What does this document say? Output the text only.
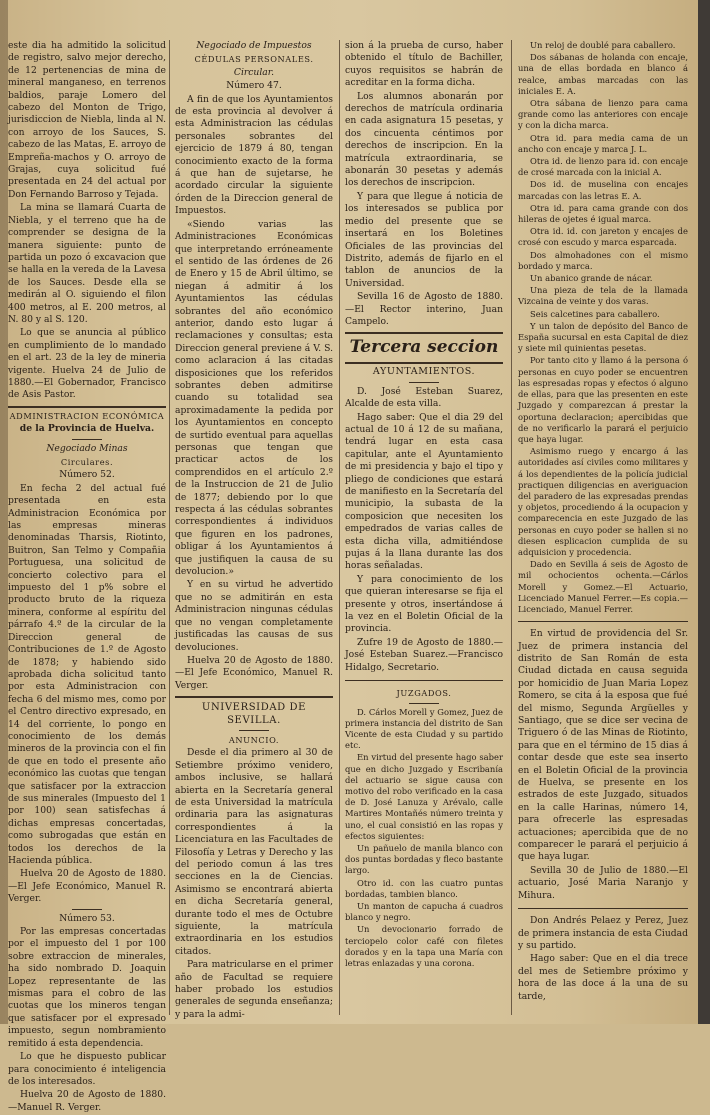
este dia ha admitido la solicitud de registro, salvo mejor derecho, de 12 pertenencias de mina de mineral manganeso, en terrenos baldios, paraje Lomero del cabezo del Monton de Trigo, jurisdiccion de Niebla, linda al N. con arroyo de los Sauces, S. cabezo de las Matas, E. arroyo de Empreña-machos y O. arroyo de Grajas, cuya solicitud fué presentada en 24 del actual por Don Fernando Barroso y Tejada.

La mina se llamará Cuarta de Niebla, y el terreno que ha de comprender se designa de la manera siguiente: punto de partida un pozo ó excavacion que se halla en la vereda de la Lavesa de los Sauces. Desde ella se medirán al O. siguiendo el filon 400 metros, al E. 200 metros, al N. 80 y al S. 120.

Lo que se anuncia al público en cumplimiento de lo mandado en el art. 23 de la ley de mineria vigente. Huelva 24 de Julio de 1880.—El Gobernador, Francisco de Asis Pastor.

ADMINISTRACION ECONÓMICA

de la Provincia de Huelva.

Negociado Minas

Circulares.

Número 52.

En fecha 2 del actual fué presentada en esta Administracion Económica por las empresas mineras denominadas Tharsis, Riotinto, Buitron, San Telmo y Compañia Portuguesa, una solicitud de concierto colectivo para el impuesto del 1 p% sobre el producto bruto de la riqueza minera, conforme al espíritu del párrafo 4.º de la circular de la Direccion general de Contribuciones de 1.º de Agosto de 1878; y habiendo sido aprobada dicha solicitud tanto por esta Administracion con fecha 6 del mismo mes, como por el Centro directivo expresado, en 14 del corriente, lo pongo en conocimiento de los demás mineros de la provincia con el fin de que en todo el presente año económico las cuotas que tengan que satisfacer por la extraccion de sus minerales (Impuesto del 1 por 100) sean satisfechas á dichas empresas concertadas, como subrogadas que están en todos los derechos de la Hacienda pública.

Huelva 20 de Agosto de 1880.—El Jefe Económico, Manuel R. Verger.

Número 53.

Por las empresas concertadas por el impuesto del 1 por 100 sobre extraccion de minerales, ha sido nombrado D. Joaquin Lopez representante de las mismas para el cobro de las cuotas que los mineros tengan que satisfacer por el expresado impuesto, segun nombramiento remitido á esta dependencia.

Lo que he dispuesto publicar para conocimiento é inteligencia de los interesados.

Huelva 20 de Agosto de 1880.—Manuel R. Verger.

Negociado de Impuestos

CÉDULAS PERSONALES.

Circular.

Número 47.

A fin de que los Ayuntamientos de esta provincia al devolver á esta Administracion las cédulas personales sobrantes del ejercicio de 1879 á 80, tengan conocimiento exacto de la forma á que han de sujetarse, he acordado circular la siguiente órden de la Direccion general de Impuestos.

«Siendo varias las Administraciones Económicas que interpretando erróneamente el sentido de las órdenes de 26 de Enero y 15 de Abril último, se niegan á admitir á los Ayuntamientos las cédulas sobrantes del año económico anterior, dando esto lugar á reclamaciones y consultas; esta Direccion general previene á V. S. como aclaracion á las citadas disposiciones que los referidos sobrantes deben admitirse cuando su totalidad sea aproximadamente la pedida por los Ayuntamientos en concepto de surtido eventual para aquellas personas que tengan que practicar actos de los comprendidos en el artículo 2.º de la Instruccion de 21 de Julio de 1877; debiendo por lo que respecta á las cédulas sobrantes correspondientes á individuos que figuren en los padrones, obligar á los Ayuntamientos á que justifiquen la causa de su devolucion.»

Y en su virtud he advertido que no se admitirán en esta Administracion ningunas cédulas que no vengan completamente justificadas las causas de sus devoluciones.

Huelva 20 de Agosto de 1880.—El Jefe Económico, Manuel R. Verger.

UNIVERSIDAD DE SEVILLA.

ANUNCIO.

Desde el dia primero al 30 de Setiembre próximo venidero, ambos inclusive, se hallará abierta en la Secretaría general de esta Universidad la matrícula ordinaria para las asignaturas correspondientes á la Licenciatura en las Facultades de Filosofía y Letras y Derecho y las del periodo comun á las tres secciones en la de Ciencias. Asimismo se encontrará abierta en dicha Secretaría general, durante todo el mes de Octubre siguiente, la matrícula extraordinaria en los estudios citados.

Para matricularse en el primer año de Facultad se requiere haber probado los estudios generales de segunda enseñanza; y para la admi-

sion á la prueba de curso, haber obtenido el título de Bachiller, cuyos requisitos se habrán de acreditar en la forma dicha.

Los alumnos abonarán por derechos de matrícula ordinaria en cada asignatura 15 pesetas, y dos cincuenta céntimos por derechos de inscripcion. En la matrícula extraordinaria, se abonarán 30 pesetas y además los derechos de inscripcion.

Y para que llegue á noticia de los interesados se publica por medio del presente que se insertará en los Boletines Oficiales de las provincias del Distrito, además de fijarlo en el tablon de anuncios de la Universidad.

Sevilla 16 de Agosto de 1880.—El Rector interino, Juan Campelo.

Tercera seccion

AYUNTAMIENTOS.

D. José Esteban Suarez, Alcalde de esta villa.

Hago saber: Que el dia 29 del actual de 10 á 12 de su mañana, tendrá lugar en esta casa capitular, ante el Ayuntamiento de mi presidencia y bajo el tipo y pliego de condiciones que estará de manifiesto en la Secretaría del municipio, la subasta de la composicion que necesiten los empedrados de varias calles de esta dicha villa, admitiéndose pujas á la llana durante las dos horas señaladas.

Y para conocimiento de los que quieran interesarse se fija el presente y otros, insertándose á la vez en el Boletin Oficial de la provincia.

Zufre 19 de Agosto de 1880.—José Esteban Suarez.—Francisco Hidalgo, Secretario.

JUZGADOS.

D. Cárlos Morell y Gomez, Juez de primera instancia del distrito de San Vicente de esta Ciudad y su partido etc.

En virtud del presente hago saber que en dicho Juzgado y Escribanía del actuario se sigue causa con motivo del robo verificado en la casa de D. José Lanuza y Arévalo, calle Martires Montañés número treinta y uno, el cual consistió en las ropas y efectos siguientes:

Un pañuelo de manila blanco con dos puntas bordadas y fleco bastante largo.

Otro id. con las cuatro puntas bordadas, tambien blanco.

Un manton de capucha á cuadros blanco y negro.

Un devocionario forrado de terciopelo color café con filetes dorados y en la tapa una María con letras enlazadas y una corona.

Un reloj de doublé para caballero.

Dos sábanas de holanda con encaje, una de ellas bordada en blanco á realce, ambas marcadas con las iniciales E. A.

Otra sábana de lienzo para cama grande como las anteriores con encaje y con la dicha marca.

Otra id. para media cama de un ancho con encaje y marca J. L.

Otra id. de lienzo para id. con encaje de crosé marcada con la inicial A.

Dos id. de muselina con encajes marcadas con las letras E. A.

Otra id. para cama grande con dos hileras de ojetes é igual marca.

Otra id. id. con jareton y encajes de crosé con escudo y marca esparcada.

Dos almohadones con el mismo bordado y marca.

Un abanico grande de nácar.

Una pieza de tela de la llamada Vizcaina de veinte y dos varas.

Seis calcetines para caballero.

Y un talon de depósito del Banco de España sucursal en esta Capital de diez y siete mil quinientas pesetas.

Por tanto cito y llamo á la persona ó personas en cuyo poder se encuentren las espresadas ropas y efectos ó alguno de ellas, para que las presenten en este Juzgado y comparezcan á prestar la oportuna declaracion; apercibidas que de no verificarlo la parará el perjuicio que haya lugar.

Asimismo ruego y encargo á las autoridades así civiles como militares y á los dependientes de la policía judicial practiquen diligencias en averiguacion del paradero de las expresadas prendas y objetos, procediendo á la ocupacion y comparecencia en este Juzgado de las personas en cuyo poder se hallen si no diesen esplicacion cumplida de su adquisicion y procedencia.

Dado en Sevilla á seis de Agosto de mil ochocientos ochenta.—Cárlos Morell y Gomez.—El Actuario, Licenciado Manuel Ferrer.—Es copia.—Licenciado, Manuel Ferrer.

En virtud de providencia del Sr. Juez de primera instancia del distrito de San Román de esta Ciudad dictada en causa seguida por homicidio de Juan Maria Lopez Romero, se cita á la esposa que fué del mismo, Segunda Argüelles y Santiago, que se dice ser vecina de Triguero ó de las Minas de Riotinto, para que en el término de 15 dias á contar desde que este sea inserto en el Boletin Oficial de la provincia de Huelva, se presente en los estrados de este Juzgado, situados en la calle Harinas, número 14, para ofrecerle las espresadas actuaciones; apercibida que de no comparecer le parará el perjuicio á que haya lugar.

Sevilla 30 de Julio de 1880.—El actuario, José Maria Naranjo y Mihura.

Don Andrés Pelaez y Perez, Juez de primera instancia de esta Ciudad y su partido.

Hago saber: Que en el dia trece del mes de Setiembre próximo y hora de las doce á la una de su tarde,
